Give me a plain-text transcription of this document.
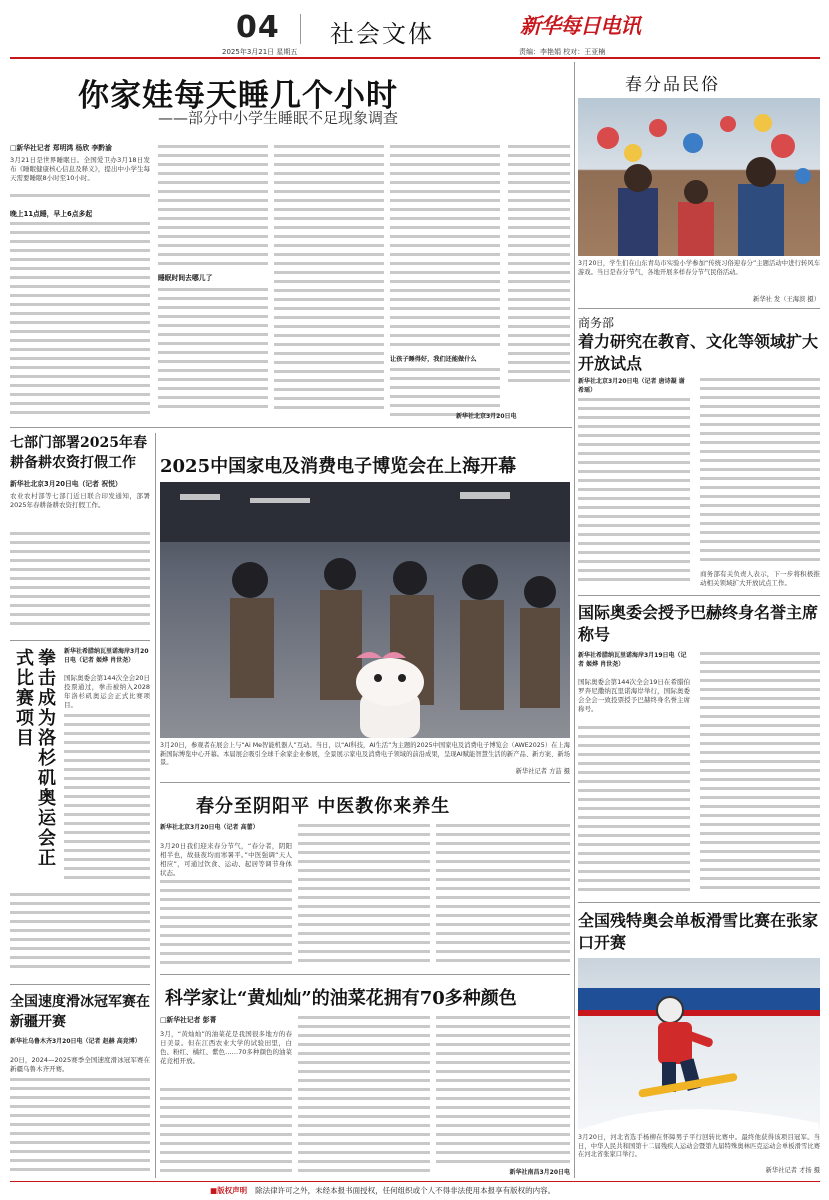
04 社会文体	新华每日电讯
2025年3月21日 星期五	责编：李艳娟 校对：王亚楠
你家娃每天睡几个小时
——部分中小学生睡眠不足现象调查
□新华社记者 郑明鸿 杨欣 李黔渝
3月21日是世界睡眠日。全国爱卫办3月18日发布《睡眠健康核心信息及释义》，提出中小学生每天需要睡眠8小时至10小时。
晚上11点睡，早上6点多起
睡眠时间去哪儿了
让孩子睡得好，我们还能做什么
新华社北京3月20日电
春分品民俗
3月20日，学生们在山东青岛市实验小学参加“传统习俗迎春分”主题活动中进行转风车游戏。当日是春分节气，各地开展多样春分节气民俗活动。
新华社 发（王海滨 摄）
商务部
着力研究在教育、文化等领域扩大开放试点
新华社北京3月20日电（记者 唐诗凝 谢希瑶）
商务部有关负责人表示，下一步将积极推动相关领域扩大开放试点工作。
国际奥委会授予巴赫终身名誉主席称号
新华社希腊纳瓦里诺海岸3月19日电（记者 姬烨 肖世尧）
国际奥委会第144次全会19日在希腊伯罗奔尼撒纳瓦里诺海岸举行，国际奥委会全会一致投票授予巴赫终身名誉主席称号。
全国残特奥会单板滑雪比赛在张家口开赛
3月20日，河北省选手杨柳在怀障男子平行回转比赛中。最终他获得该项目冠军。当日，中华人民共和国第十二届残疾人运动会暨第九届特殊奥林匹克运动会单板滑雪比赛在河北省张家口举行。
新华社记者 才扬 摄
七部门部署2025年春耕备耕农资打假工作
新华社北京3月20日电（记者 祝悦）
农业农村部等七部门近日联合印发通知，部署2025年春耕备耕农资打假工作。
拳击成为洛杉矶奥运会正式比赛项目	新华社希腊纳瓦里诺海岸3月20日电（记者 姬烨 肖世尧）
国际奥委会第144次全会20日投票通过，拳击被纳入2028年洛杉矶奥运会正式比赛项目。
全国速度滑冰冠军赛在新疆开赛
新华社乌鲁木齐3月20日电（记者 赵赫 高竞博）
20日，2024—2025赛季全国速度滑冰冠军赛在新疆乌鲁木齐开赛。
2025中国家电及消费电子博览会在上海开幕
3月20日，参观者在展会上与“Ai Me智能机器人”互动。当日，以“AI科技，AI生活”为主题的2025中国家电及消费电子博览会（AWE2025）在上海新国际博览中心开幕。本届展会吸引全球千余家企业参展，全景展示家电及消费电子领域的前沿成果，呈现AI赋能智慧生活的新产品、新方案、新场景。
新华社记者 方喆 摄
春分至阴阳平 中医教你来养生
新华社北京3月20日电（记者 高蕾）
3月20日我们迎来春分节气，“春分者，阴阳相半也，故昼夜均而寒暑平。”中医强调“天人相应”，可通过饮食、运动、起居等调节身体状态。
科学家让“黄灿灿”的油菜花拥有70多种颜色
□新华社记者 彭菁
3月，“黄灿灿”的油菜花是我国很多地方的春日美景。但在江西农业大学的试验田里，白色、粉红、橘红、紫色……70多种颜色的油菜花竞相开放。
新华社南昌3月20日电
■版权声明 除法律许可之外，未经本报书面授权，任何组织或个人不得非法使用本报享有版权的内容。
